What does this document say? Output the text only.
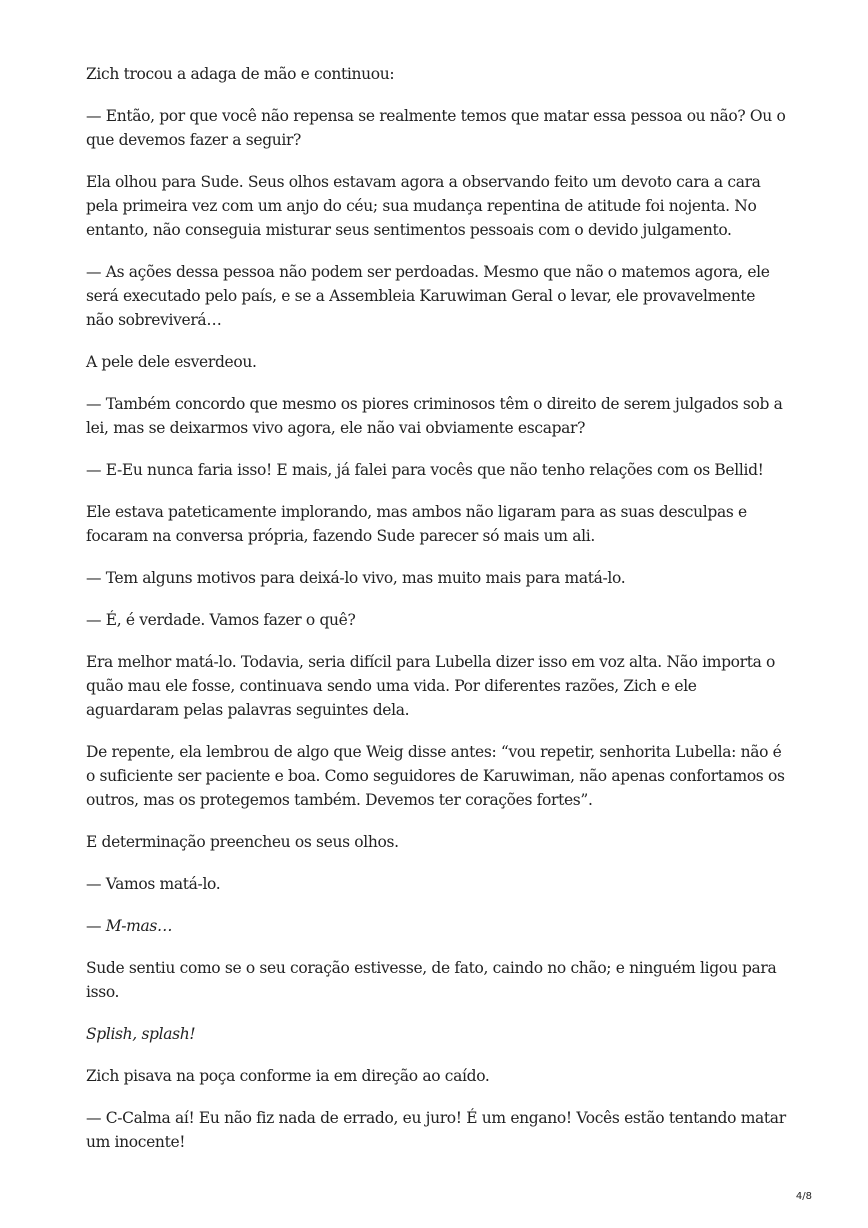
Zich trocou a adaga de mão e continuou:

— Então, por que você não repensa se realmente temos que matar essa pessoa ou não? Ou o que devemos fazer a seguir?

Ela olhou para Sude. Seus olhos estavam agora a observando feito um devoto cara a cara pela primeira vez com um anjo do céu; sua mudança repentina de atitude foi nojenta. No entanto, não conseguia misturar seus sentimentos pessoais com o devido julgamento.

— As ações dessa pessoa não podem ser perdoadas. Mesmo que não o matemos agora, ele será executado pelo país, e se a Assembleia Karuwiman Geral o levar, ele provavelmente não sobreviverá…

A pele dele esverdeou.

— Também concordo que mesmo os piores criminosos têm o direito de serem julgados sob a lei, mas se deixarmos vivo agora, ele não vai obviamente escapar?

— E-Eu nunca faria isso! E mais, já falei para vocês que não tenho relações com os Bellid!

Ele estava pateticamente implorando, mas ambos não ligaram para as suas desculpas e focaram na conversa própria, fazendo Sude parecer só mais um ali.

— Tem alguns motivos para deixá-lo vivo, mas muito mais para matá-lo.

— É, é verdade. Vamos fazer o quê?

Era melhor matá-lo. Todavia, seria difícil para Lubella dizer isso em voz alta. Não importa o quão mau ele fosse, continuava sendo uma vida. Por diferentes razões, Zich e ele aguardaram pelas palavras seguintes dela.

De repente, ela lembrou de algo que Weig disse antes: “vou repetir, senhorita Lubella: não é o suficiente ser paciente e boa. Como seguidores de Karuwiman, não apenas confortamos os outros, mas os protegemos também. Devemos ter corações fortes”.

E determinação preencheu os seus olhos.

— Vamos matá-lo.

— M-mas…

Sude sentiu como se o seu coração estivesse, de fato, caindo no chão; e ninguém ligou para isso.

Splish, splash!

Zich pisava na poça conforme ia em direção ao caído.

— C-Calma aí! Eu não fiz nada de errado, eu juro! É um engano! Vocês estão tentando matar um inocente!

4/8
